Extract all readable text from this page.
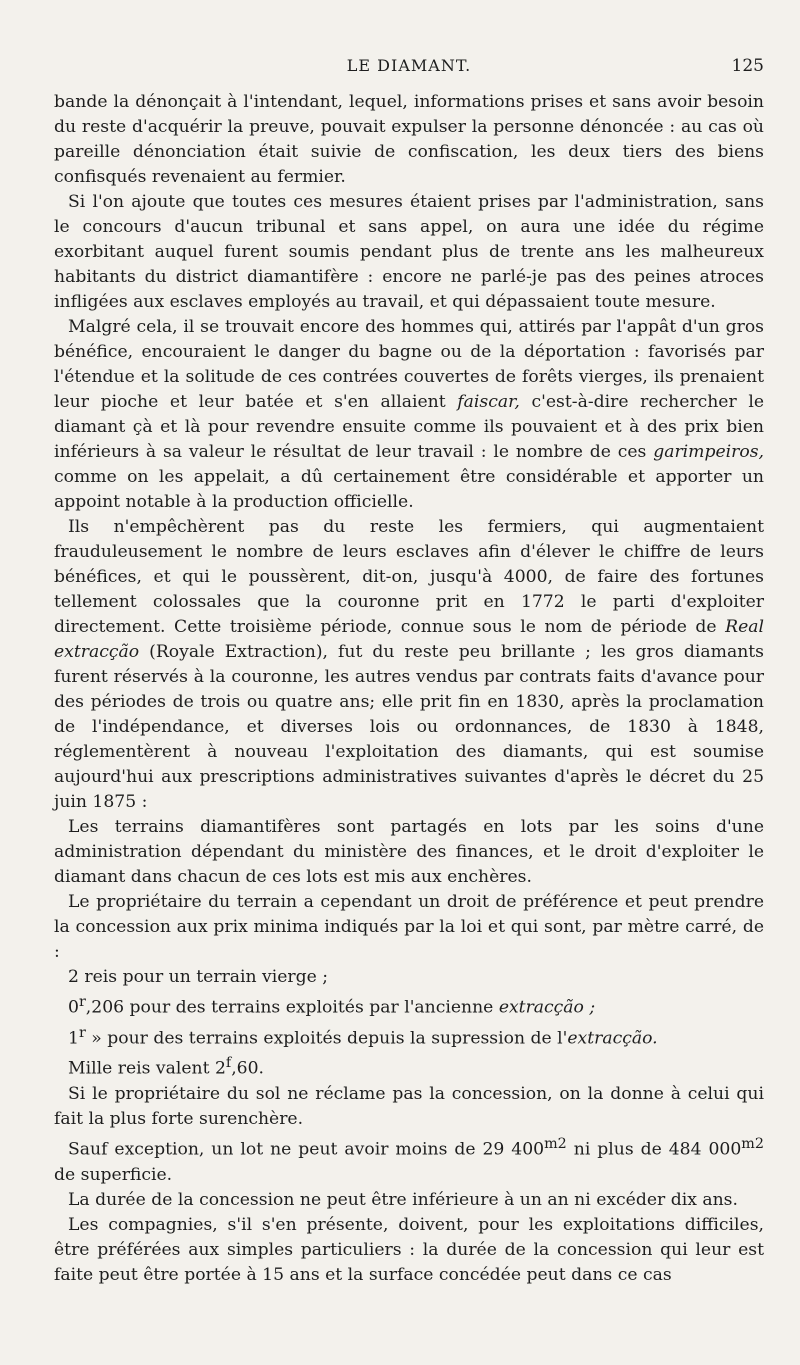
LE DIAMANT.	125

bande la dénonçait à l'intendant, lequel, informations prises et sans avoir besoin du reste d'acquérir la preuve, pouvait expulser la personne dénoncée : au cas où pareille dénonciation était suivie de confiscation, les deux tiers des biens confisqués revenaient au fermier.

Si l'on ajoute que toutes ces mesures étaient prises par l'administration, sans le concours d'aucun tribunal et sans appel, on aura une idée du régime exorbitant auquel furent soumis pendant plus de trente ans les malheureux habitants du district diamantifère : encore ne parlé-je pas des peines atroces infligées aux esclaves employés au travail, et qui dépassaient toute mesure.

Malgré cela, il se trouvait encore des hommes qui, attirés par l'appât d'un gros bénéfice, encouraient le danger du bagne ou de la déportation : favorisés par l'étendue et la solitude de ces contrées couvertes de forêts vierges, ils prenaient leur pioche et leur batée et s'en allaient faiscar, c'est-à-dire rechercher le diamant çà et là pour revendre ensuite comme ils pouvaient et à des prix bien inférieurs à sa valeur le résultat de leur travail : le nombre de ces garimpeiros, comme on les appelait, a dû certainement être considérable et apporter un appoint notable à la production officielle.

Ils n'empêchèrent pas du reste les fermiers, qui augmentaient frauduleusement le nombre de leurs esclaves afin d'élever le chiffre de leurs bénéfices, et qui le poussèrent, dit-on, jusqu'à 4000, de faire des fortunes tellement colossales que la couronne prit en 1772 le parti d'exploiter directement. Cette troisième période, connue sous le nom de période de Real extracção (Royale Extraction), fut du reste peu brillante ; les gros diamants furent réservés à la couronne, les autres vendus par contrats faits d'avance pour des périodes de trois ou quatre ans; elle prit fin en 1830, après la proclamation de l'indépendance, et diverses lois ou ordonnances, de 1830 à 1848, réglementèrent à nouveau l'exploitation des diamants, qui est soumise aujourd'hui aux prescriptions administratives suivantes d'après le décret du 25 juin 1875 :

Les terrains diamantifères sont partagés en lots par les soins d'une administration dépendant du ministère des finances, et le droit d'exploiter le diamant dans chacun de ces lots est mis aux enchères.

Le propriétaire du terrain a cependant un droit de préférence et peut prendre la concession aux prix minima indiqués par la loi et qui sont, par mètre carré, de :

2 reis pour un terrain vierge ;

0$^r$,206 pour des terrains exploités par l'ancienne extracção ;

1$^r$ » pour des terrains exploités depuis la supression de l'extracção.

Mille reis valent 2$^f$,60.

Si le propriétaire du sol ne réclame pas la concession, on la donne à celui qui fait la plus forte surenchère.

Sauf exception, un lot ne peut avoir moins de 29 $400^{m2}$ ni plus de 484 $000^{m2}$ de superficie.

La durée de la concession ne peut être inférieure à un an ni excéder dix ans.

Les compagnies, s'il s'en présente, doivent, pour les exploitations difficiles, être préférées aux simples particuliers : la durée de la concession qui leur est faite peut être portée à 15 ans et la surface concédée peut dans ce cas
